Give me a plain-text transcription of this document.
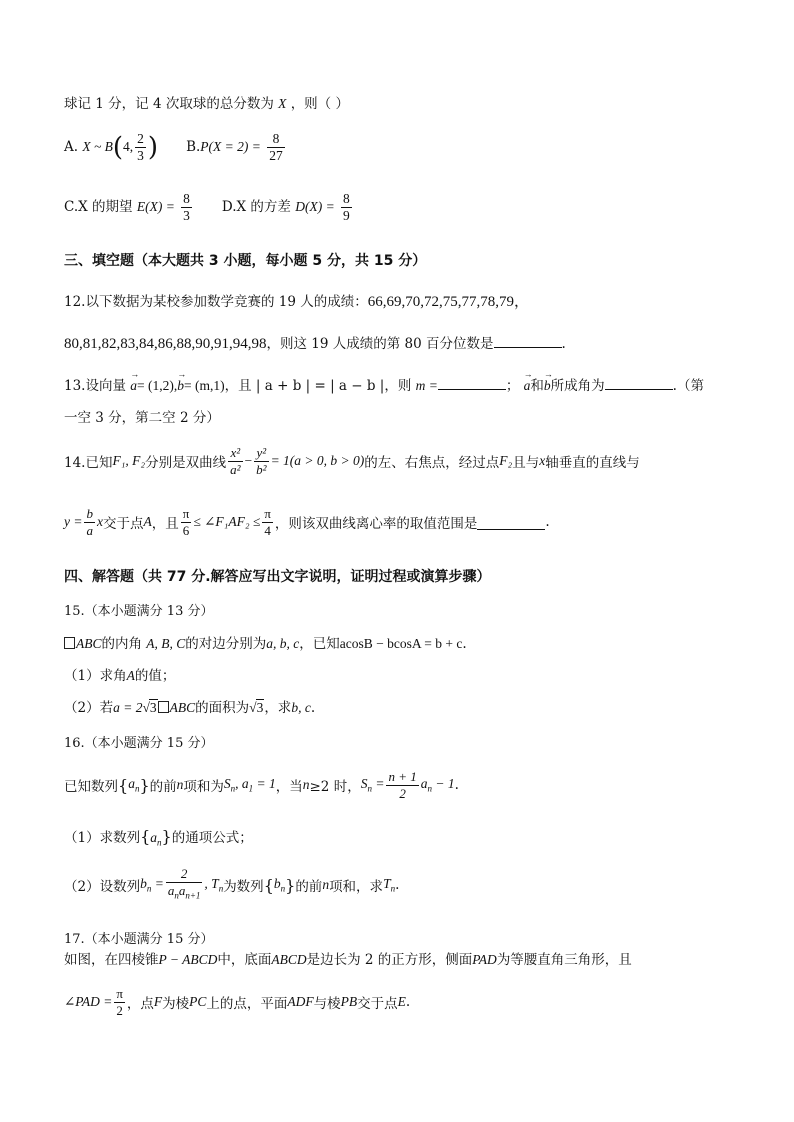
球记 1 分，记 4 次取球的总分数为 X ，则（ ）
A. X ~ B(4, $\frac{2}{3}$ ) $B.P(X = 2) = \frac{8}{27}$
C.X 的期望 $E(X) = \frac{8}{3} D.X$ 的方差 $D(X) = \frac{8}{9}$
三、填空题（本大题共 3 小题，每小题 5 分，共 15 分）
12.以下数据为某校参加数学竞赛的 19 人的成绩：66,69,70,72,75,77,78,79，
80,81,82,83,84,86,88,90,91,94,98，则这 19 人成绩的第 80 百分位数是	.
13.设向量 → a= (1,2),→ b= (m,1)，且 | a + b | = | a − b |，则 m =	； → a和→ b所成角为	.（第
一空 3 分，第二空 2 分）
14.已知 F₁, F₂ 分别是双曲线 $\frac{\text{x²}}{\text{a²}} - \frac{\text{y²}}{\text{b²}} = 1(a > 0$, b > 0) 的左、右焦点，经过点 F₂ 且与 x 轴垂直的直线与
$y = \frac{b}{a}$ x 交于点 A ，且 $\frac{\pi}{6}$ ≤ ∠F₁AF₂ ≤ $\frac{\pi}{4}$ ，则该双曲线离心率的取值范围是	.
四、解答题（共 77 分.解答应写出文字说明，证明过程或演算步骤）
15.（本小题满分 13 分）
ABC的内角 A, B, C的对边分别为a, b, c，已知acosB − bcosA = b + c.
（1）求角A的值；
（2）若a = 2√3 ABC的面积为√3，求b, c.
16.（本小题满分 15 分）
已知数列 { $a_n$ } 的前 n 项和为 $S_n$, $a_1 = 1$ ，当 n ≥2 时， $S_n = \frac{n + 1}{2} a_n - 1$ .
（1）求数列$\{a_n\}$的通项公式；
（2）设数列 $b_n = \frac{2}{a_na_{n+1}}$ , $T_n$ 为数列 { $b_n$ } 的前 n 项和，求 $T_n$ .
17.（本小题满分 15 分）
如图，在四棱锥P − ABCD中，底面ABCD是边长为 2 的正方形，侧面PAD为等腰直角三角形，且
∠PAD = $\frac{\pi}{2}$ ，点 F 为棱 PC 上的点，平面 ADF 与棱 PB 交于点 E .
